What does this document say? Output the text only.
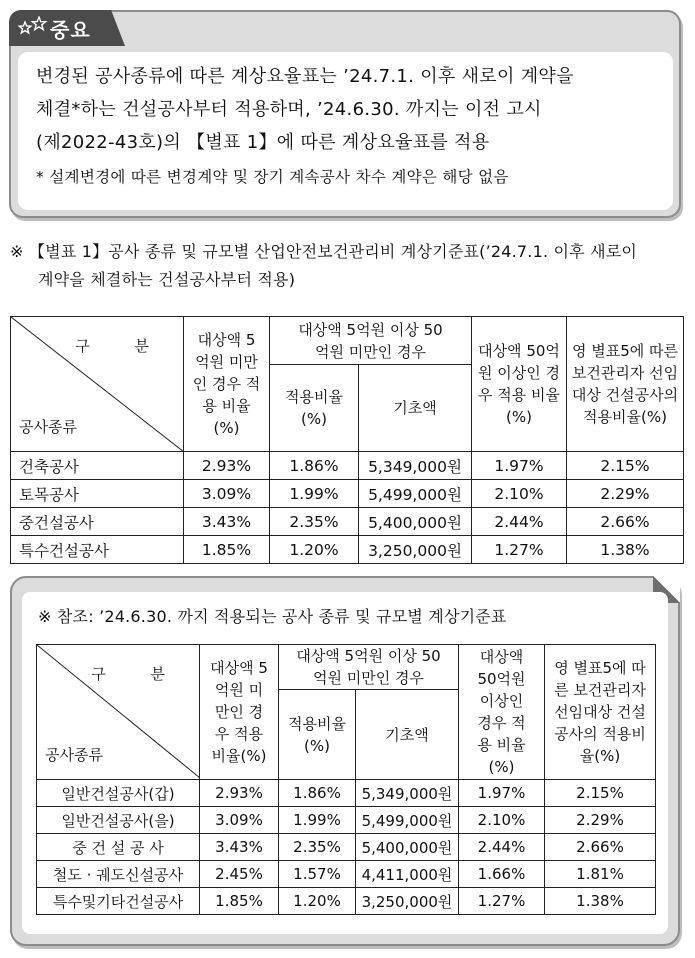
중요

변경된 공사종류에 따른 계상요율표는 ’24.7.1. 이후 새로이 계약을
체결*하는 건설공사부터 적용하며, ’24.6.30. 까지는 이전 고시
(제2022-43호)의 【별표 1】에 따른 계상요율표를 적용

* 설계변경에 따른 변경계약 및 장기 계속공사 차수 계약은 해당 없음
※ 【별표 1】공사 종류 및 규모별 산업안전보건관리비 계상기준표(’24.7.1. 이후 새로이
계약을 체결하는 건설공사부터 적용)
구 분
공사종류	대상액 5억원 미만인 경우 적용 비율(%)	대상액 5억원 이상 50억원 미만인 경우		대상액 50억원 이상인 경우 적용 비율(%)	영 별표5에 따른 보건관리자 선임대상 건설공사의 적용비율(%)

		적용비율 (%)	기초액		
건축공사	2.93%	1.86%	5,349,000원	1.97%	2.15%
토목공사	3.09%	1.99%	5,499,000원	2.10%	2.29%
중건설공사	3.43%	2.35%	5,400,000원	2.44%	2.66%
특수건설공사	1.85%	1.20%	3,250,000원	1.27%	1.38%
※ 참조: ’24.6.30. 까지 적용되는 공사 종류 및 규모별 계상기준표
구 분
공사종류	대상액 5억원 미만인 경우 적용 비율(%)	대상액 5억원 이상 50억원 미만인 경우		대상액 50억원 이상인 경우 적용 비율(%)	영 별표5에 따른 보건관리자 선임대상 건설공사의 적용비율(%)

		적용비율 (%)	기초액		
일반건설공사(갑)	2.93%	1.86%	5,349,000원	1.97%	2.15%
일반건설공사(을)	3.09%	1.99%	5,499,000원	2.10%	2.29%
중 건 설 공 사	3.43%	2.35%	5,400,000원	2.44%	2.66%
철도 · 궤도신설공사	2.45%	1.57%	4,411,000원	1.66%	1.81%
특수및기타건설공사	1.85%	1.20%	3,250,000원	1.27%	1.38%
